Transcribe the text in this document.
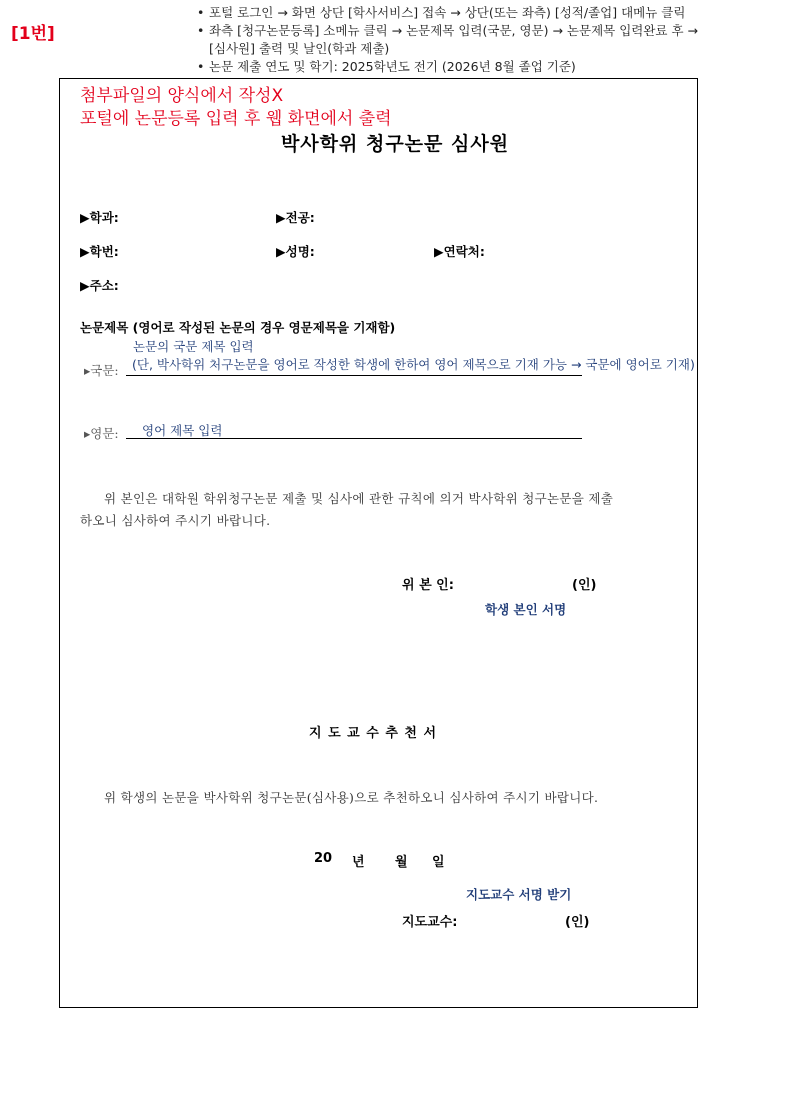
[1번]
• 포털 로그인 → 화면 상단 [학사서비스] 접속 → 상단(또는 좌측) [성적/졸업] 대메뉴 클릭
• 좌측 [청구논문등록] 소메뉴 클릭 → 논문제목 입력(국문, 영문) → 논문제목 입력완료 후 →
[심사원] 출력 및 날인(학과 제출)
• 논문 제출 연도 및 학기: 2025학년도 전기 (2026년 8월 졸업 기준)
첨부파일의 양식에서 작성X
포털에 논문등록 입력 후 웹 화면에서 출력
박사학위 청구논문 심사원
▶학과:	▶전공:
▶학번:	▶성명:	▶연락처:
▶주소:
논문제목 (영어로 작성된 논문의 경우 영문제목을 기재함)
논문의 국문 제목 입력
▸국문: (단, 박사학위 처구논문을 영어로 작성한 학생에 한하여 영어 제목으로 기재 가능 → 국문에 영어로 기재)
▸영문: 영어 제목 입력
위 본인은 대학원 학위청구논문 제출 및 심사에 관한 규칙에 의거 박사학위 청구논문을 제출
하오니 심사하여 주시기 바랍니다.
위 본 인:	(인)
학생 본인 서명
지 도 교 수 추 천 서
위 학생의 논문을 박사학위 청구논문(심사용)으로 추천하오니 심사하여 주시기 바랍니다.
20 년 월 일
지도교수 서명 받기
지도교수:	(인)
